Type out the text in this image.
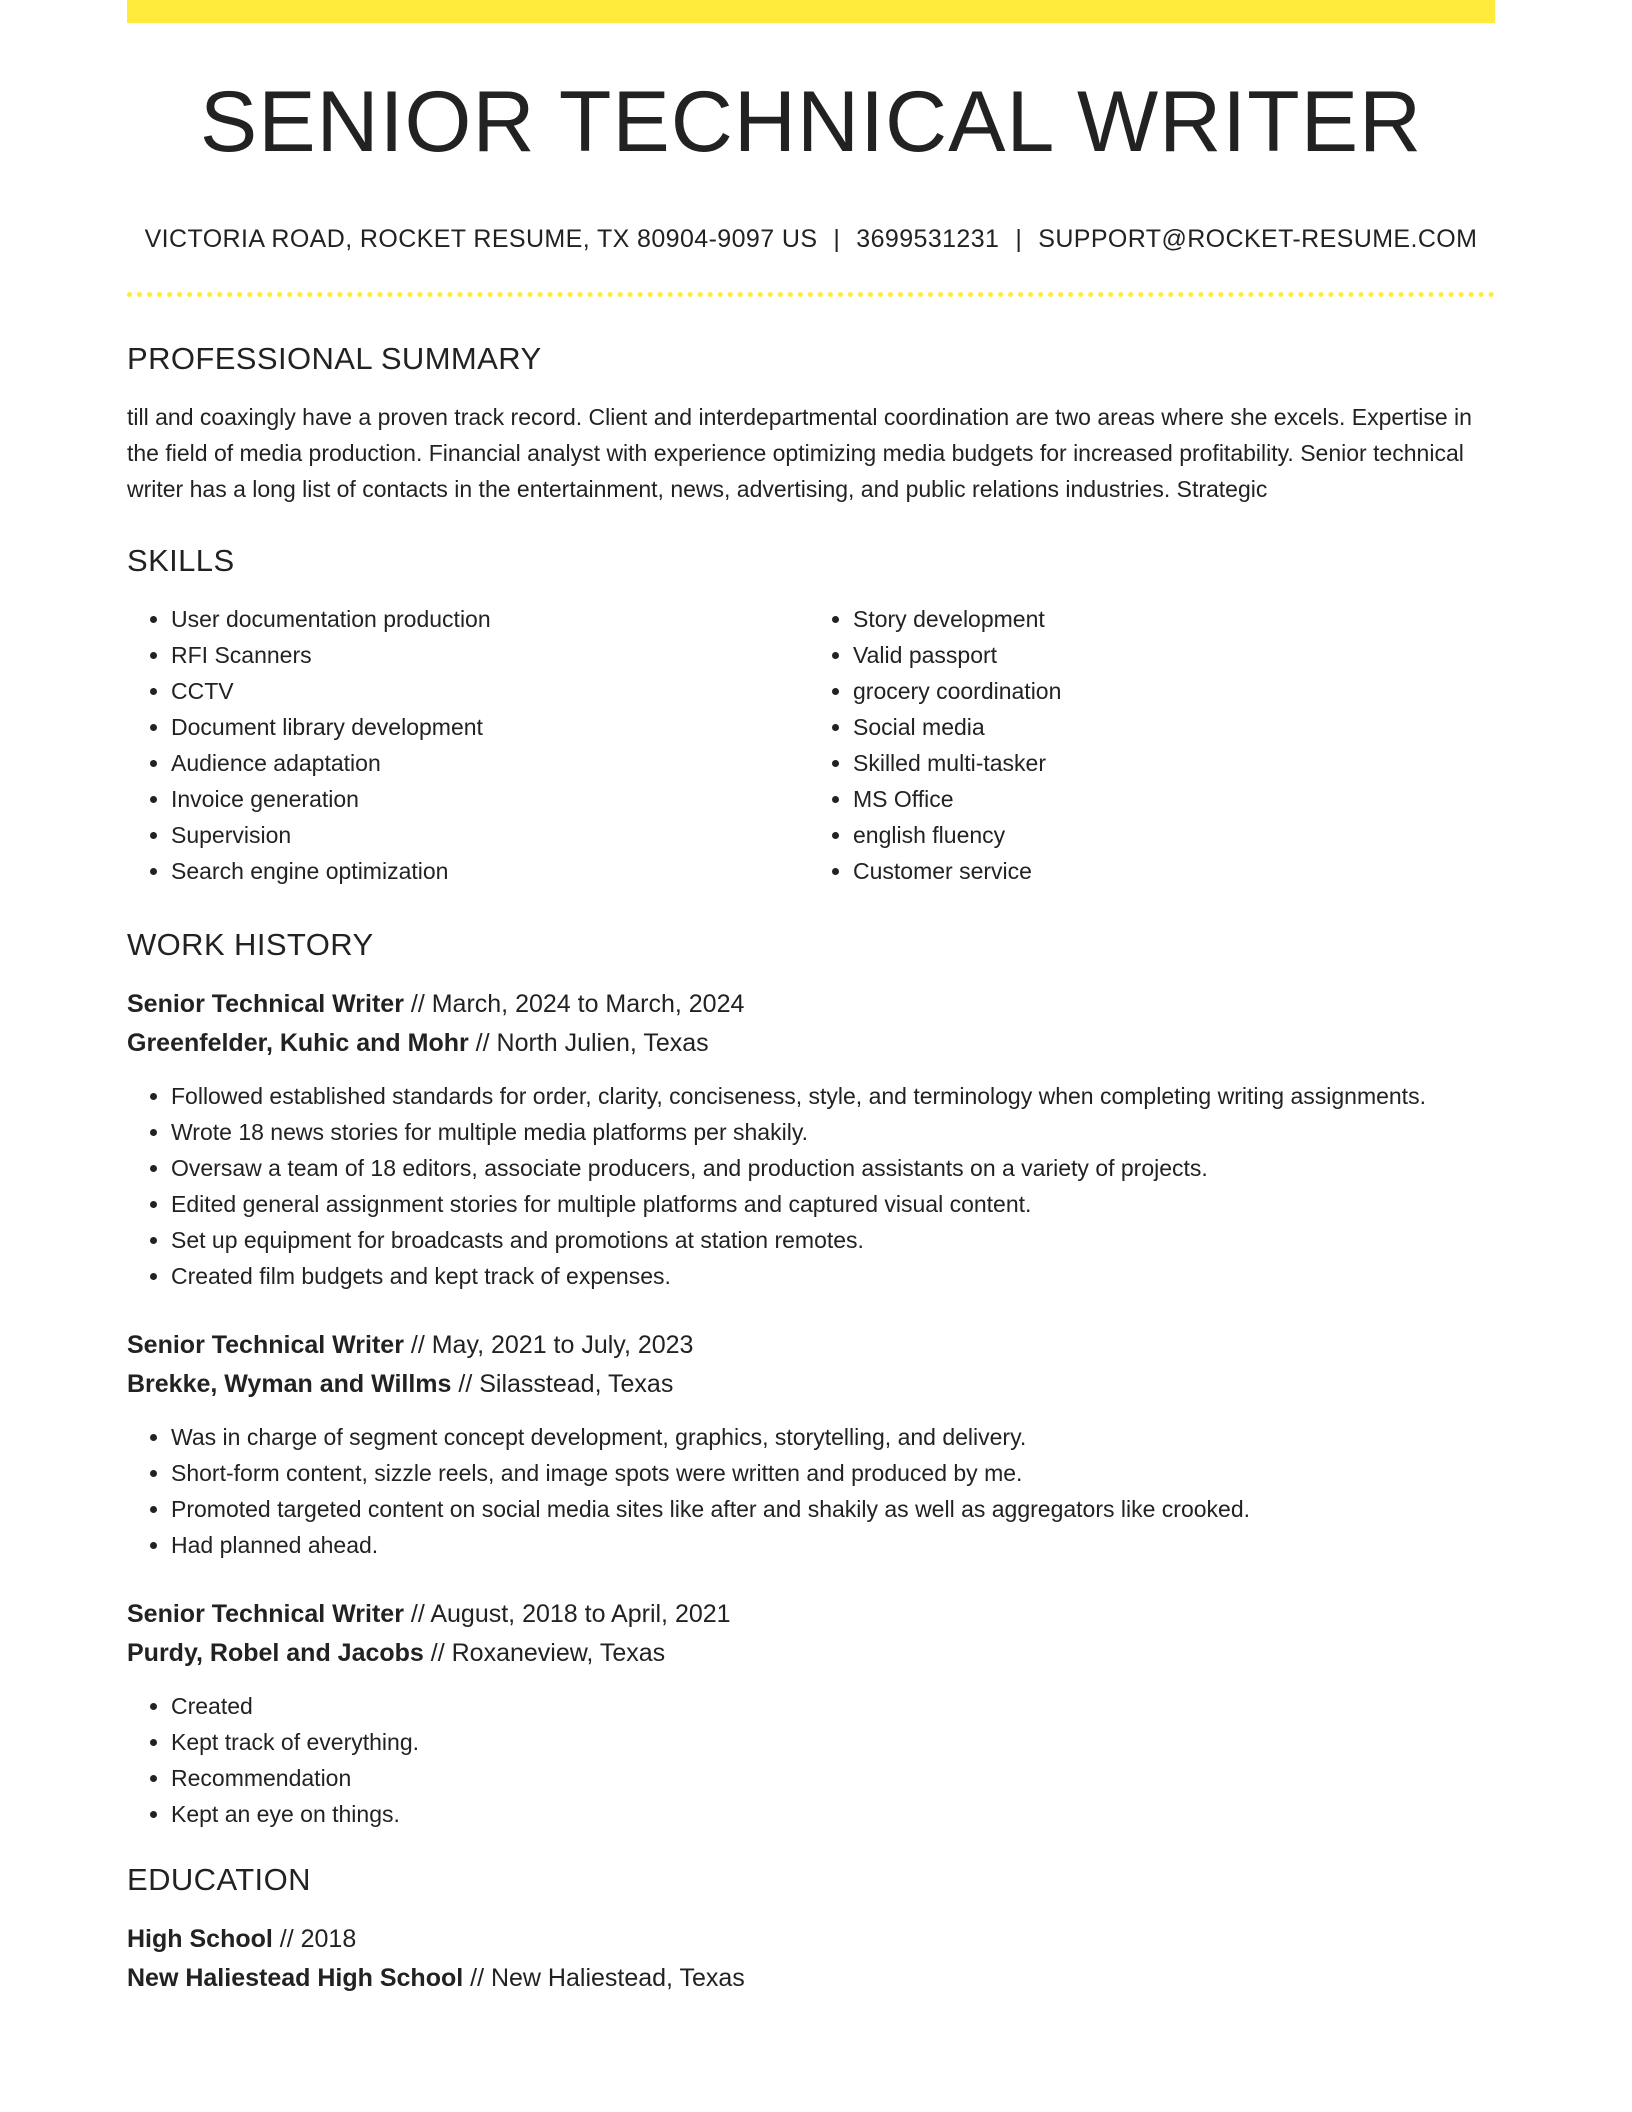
SENIOR TECHNICAL WRITER
VICTORIA ROAD, ROCKET RESUME, TX 80904-9097 US | 3699531231 | SUPPORT@ROCKET-RESUME.COM
PROFESSIONAL SUMMARY
till and coaxingly have a proven track record. Client and interdepartmental coordination are two areas where she excels. Expertise in the field of media production. Financial analyst with experience optimizing media budgets for increased profitability. Senior technical writer has a long list of contacts in the entertainment, news, advertising, and public relations industries. Strategic
SKILLS
• User documentation production
• RFI Scanners
• CCTV
• Document library development
• Audience adaptation
• Invoice generation
• Supervision
• Search engine optimization
• Story development
• Valid passport
• grocery coordination
• Social media
• Skilled multi-tasker
• MS Office
• english fluency
• Customer service
WORK HISTORY
Senior Technical Writer // March, 2024 to March, 2024
Greenfelder, Kuhic and Mohr // North Julien, Texas
• Followed established standards for order, clarity, conciseness, style, and terminology when completing writing assignments.
• Wrote 18 news stories for multiple media platforms per shakily.
• Oversaw a team of 18 editors, associate producers, and production assistants on a variety of projects.
• Edited general assignment stories for multiple platforms and captured visual content.
• Set up equipment for broadcasts and promotions at station remotes.
• Created film budgets and kept track of expenses.
Senior Technical Writer // May, 2021 to July, 2023
Brekke, Wyman and Willms // Silasstead, Texas
• Was in charge of segment concept development, graphics, storytelling, and delivery.
• Short-form content, sizzle reels, and image spots were written and produced by me.
• Promoted targeted content on social media sites like after and shakily as well as aggregators like crooked.
• Had planned ahead.
Senior Technical Writer // August, 2018 to April, 2021
Purdy, Robel and Jacobs // Roxaneview, Texas
• Created
• Kept track of everything.
• Recommendation
• Kept an eye on things.
EDUCATION
High School // 2018
New Haliestead High School // New Haliestead, Texas
